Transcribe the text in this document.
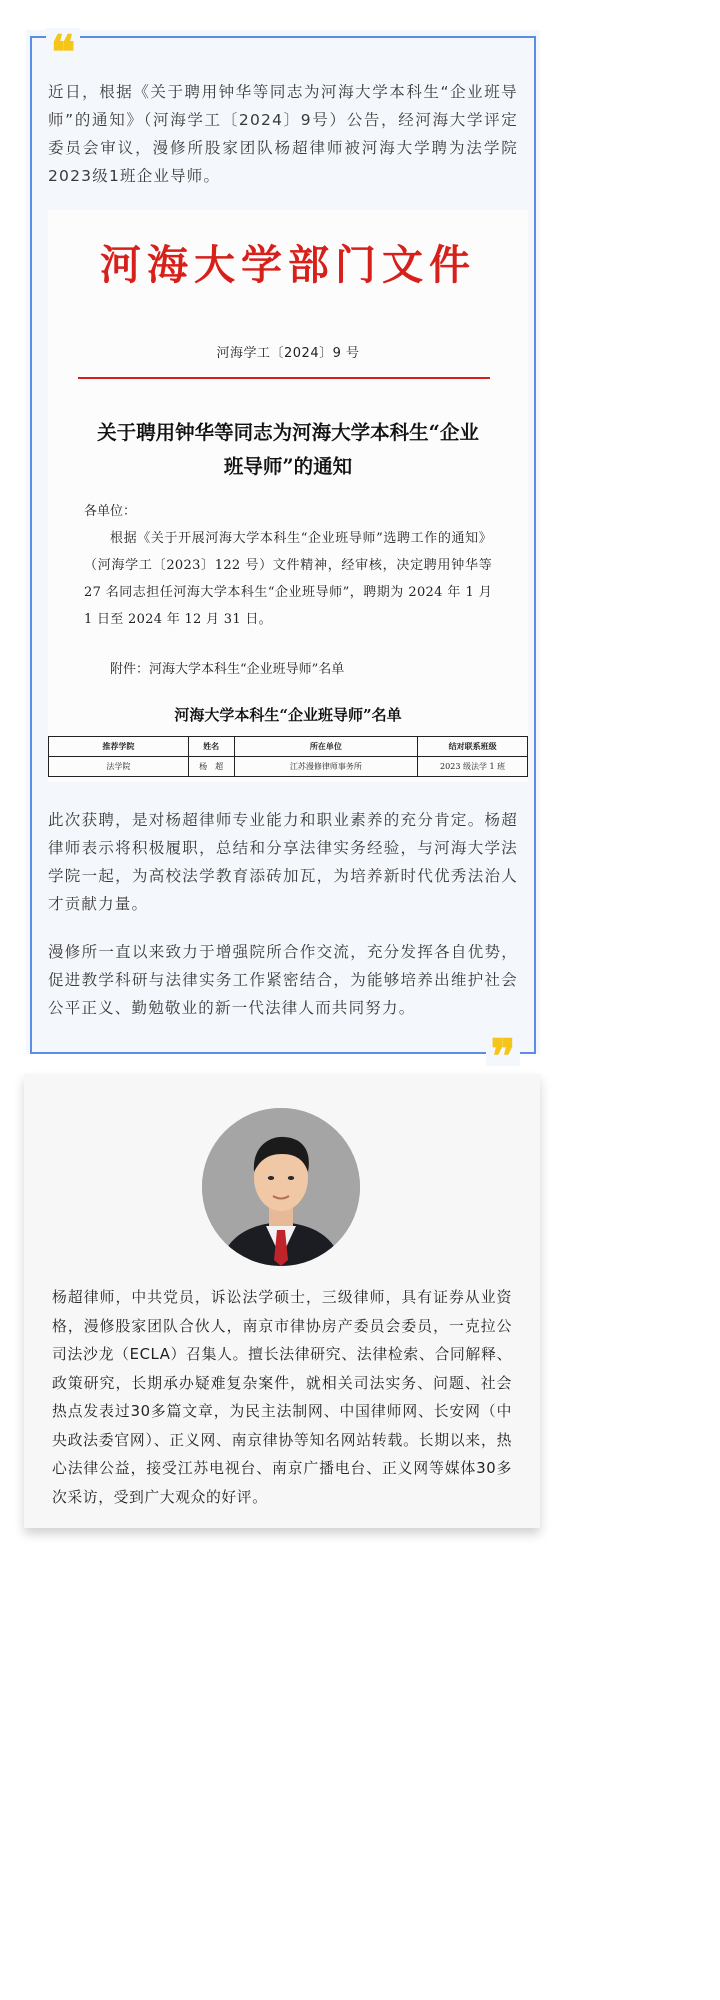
❝

近日，根据《关于聘用钟华等同志为河海大学本科生“企业班导师”的通知》（河海学工〔2024〕9号）公告，经河海大学评定委员会审议，漫修所股家团队杨超律师被河海大学聘为法学院2023级1班企业导师。

河海大学部门文件
河海学工〔2024〕9 号
关于聘用钟华等同志为河海大学本科生“企业
班导师”的通知

各单位：

根据《关于开展河海大学本科生“企业班导师”选聘工作的通知》（河海学工〔2023〕122 号）文件精神，经审核，决定聘用钟华等 27 名同志担任河海大学本科生“企业班导师”，聘期为 2024 年 1 月 1 日至 2024 年 12 月 31 日。

附件：河海大学本科生“企业班导师”名单
河海大学本科生“企业班导师”名单
推荐学院	姓名	所在单位	结对联系班级
法学院	杨　超	江苏漫修律师事务所	2023 级法学 1 班

此次获聘，是对杨超律师专业能力和职业素养的充分肯定。杨超律师表示将积极履职，总结和分享法律实务经验，与河海大学法学院一起，为高校法学教育添砖加瓦，为培养新时代优秀法治人才贡献力量。

漫修所一直以来致力于增强院所合作交流，充分发挥各自优势，促进教学科研与法律实务工作紧密结合，为能够培养出维护社会公平正义、勤勉敬业的新一代法律人而共同努力。

❞

杨超律师，中共党员，诉讼法学硕士，三级律师，具有证券从业资格，漫修股家团队合伙人，南京市律协房产委员会委员，一克拉公司法沙龙（ECLA）召集人。擅长法律研究、法律检索、合同解释、政策研究，长期承办疑难复杂案件，就相关司法实务、问题、社会热点发表过30多篇文章，为民主法制网、中国律师网、长安网（中央政法委官网）、正义网、南京律协等知名网站转载。长期以来，热心法律公益，接受江苏电视台、南京广播电台、正义网等媒体30多次采访，受到广大观众的好评。
